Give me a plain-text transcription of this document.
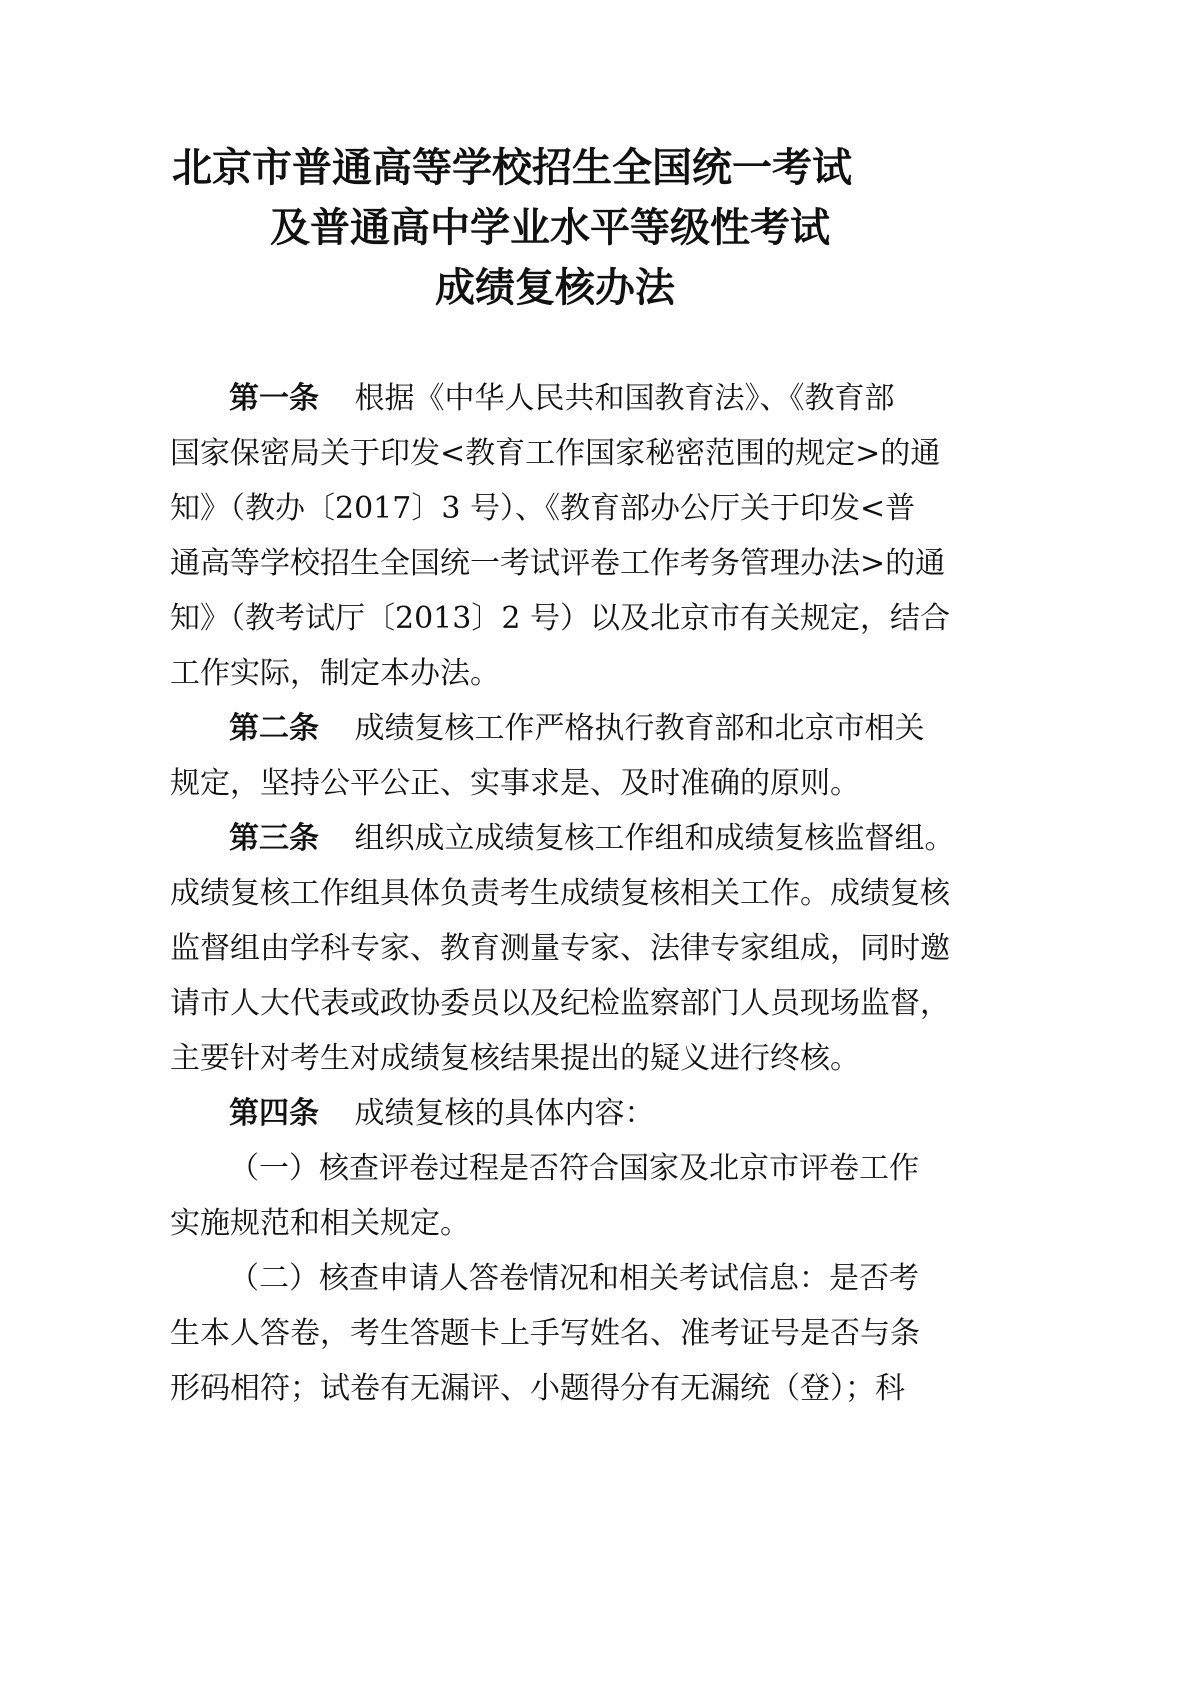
北京市普通高等学校招生全国统一考试
及普通高中学业水平等级性考试
成绩复核办法
第一条 根据《中华人民共和国教育法》、《教育部
国家保密局关于印发<教育工作国家秘密范围的规定>的通
知》（教办〔2017〕3 号）、《教育部办公厅关于印发<普
通高等学校招生全国统一考试评卷工作考务管理办法>的通
知》（教考试厅〔2013〕2 号）以及北京市有关规定，结合
工作实际，制定本办法。
第二条 成绩复核工作严格执行教育部和北京市相关
规定，坚持公平公正、实事求是、及时准确的原则。
第三条 组织成立成绩复核工作组和成绩复核监督组。
成绩复核工作组具体负责考生成绩复核相关工作。成绩复核
监督组由学科专家、教育测量专家、法律专家组成，同时邀
请市人大代表或政协委员以及纪检监察部门人员现场监督，
主要针对考生对成绩复核结果提出的疑义进行终核。
第四条 成绩复核的具体内容：
（一）核查评卷过程是否符合国家及北京市评卷工作
实施规范和相关规定。
（二）核查申请人答卷情况和相关考试信息：是否考
生本人答卷，考生答题卡上手写姓名、准考证号是否与条
形码相符；试卷有无漏评、小题得分有无漏统（登）；科
